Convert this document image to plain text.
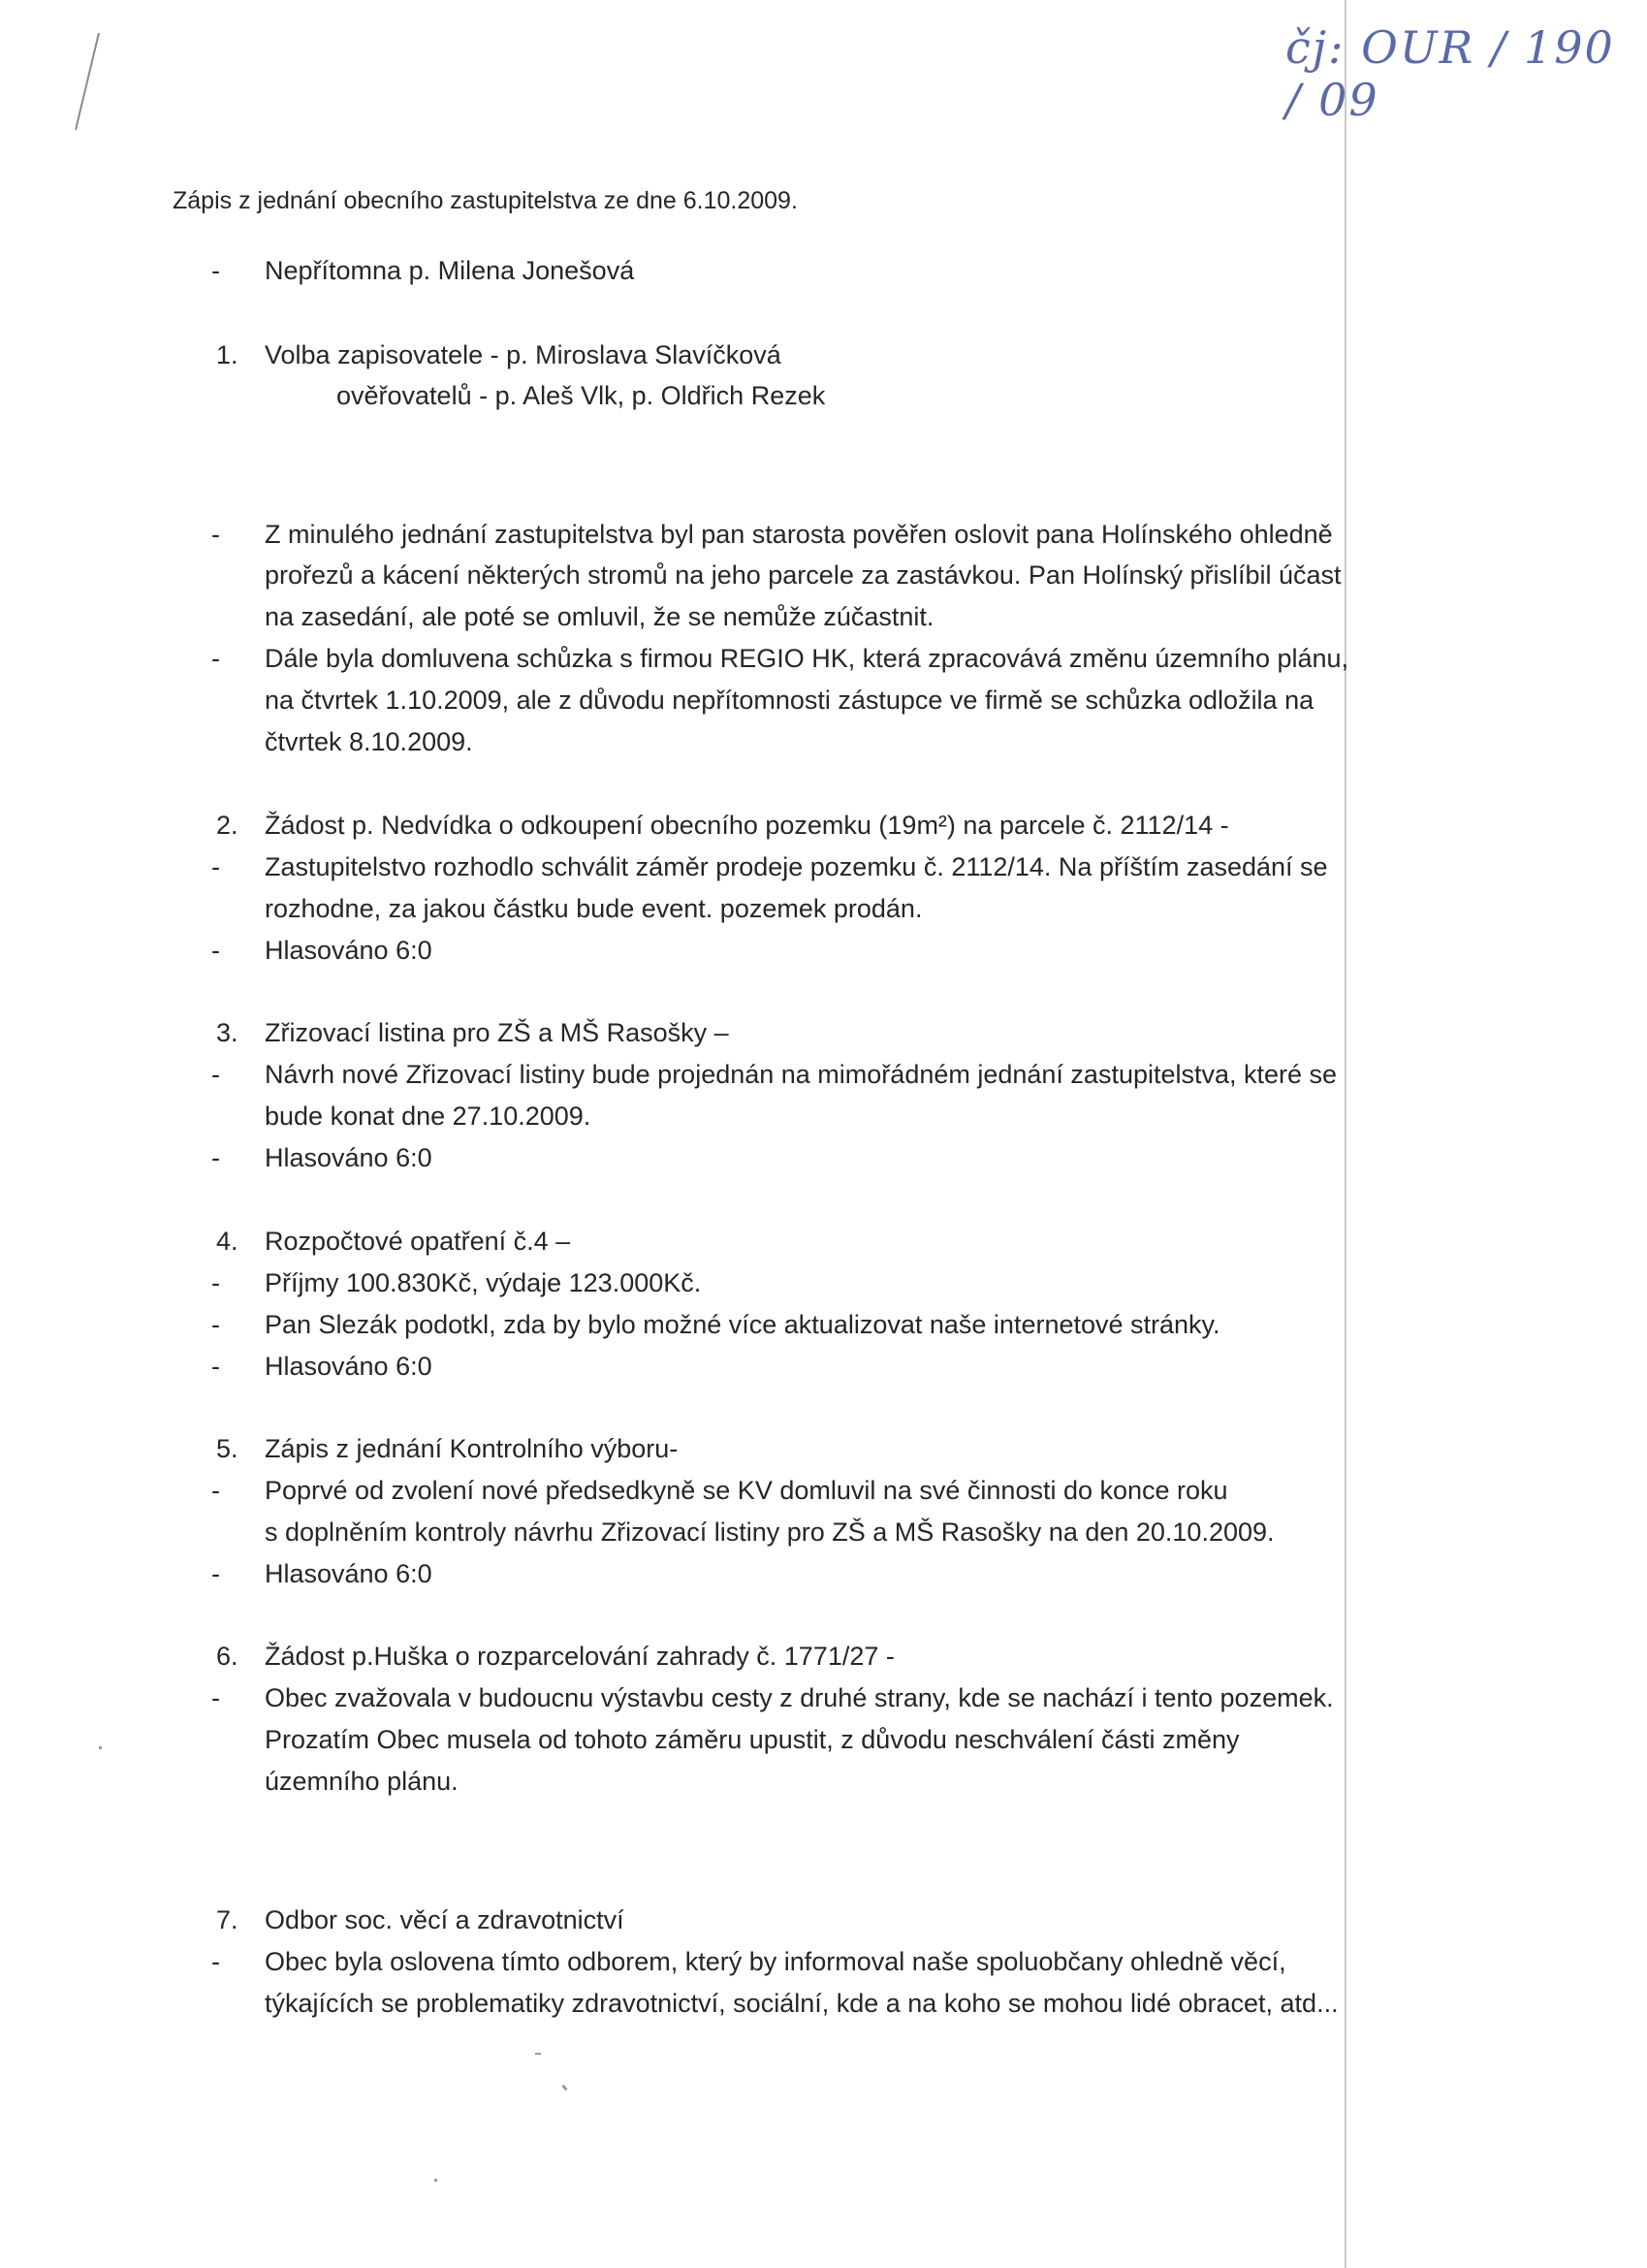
čj: OUR / 190 / 09
Zápis z jednání obecního zastupitelstva ze dne 6.10.2009.
-	Nepřítomna p. Milena Jonešová
1. Volba zapisovatele - p. Miroslava Slavíčková
ověřovatelů - p. Aleš Vlk, p. Oldřich Rezek
-	Z minulého jednání zastupitelstva byl pan starosta pověřen oslovit pana Holínského ohledně
prořezů a kácení některých stromů na jeho parcele za zastávkou. Pan Holínský přislíbil účast
na zasedání, ale poté se omluvil, že se nemůže zúčastnit.
-	Dále byla domluvena schůzka s firmou REGIO HK, která zpracovává změnu územního plánu,
na čtvrtek 1.10.2009, ale z důvodu nepřítomnosti zástupce ve firmě se schůzka odložila na
čtvrtek 8.10.2009.
2. Žádost p. Nedvídka o odkoupení obecního pozemku (19m²) na parcele č. 2112/14 -
-	Zastupitelstvo rozhodlo schválit záměr prodeje pozemku č. 2112/14. Na příštím zasedání se
rozhodne, za jakou částku bude event. pozemek prodán.
-	Hlasováno 6:0
3. Zřizovací listina pro ZŠ a MŠ Rasošky –
-	Návrh nové Zřizovací listiny bude projednán na mimořádném jednání zastupitelstva, které se
bude konat dne 27.10.2009.
-	Hlasováno 6:0
4. Rozpočtové opatření č.4 –
-	Příjmy 100.830Kč, výdaje 123.000Kč.
-	Pan Slezák podotkl, zda by bylo možné více aktualizovat naše internetové stránky.
-	Hlasováno 6:0
5. Zápis z jednání Kontrolního výboru-
-	Poprvé od zvolení nové předsedkyně se KV domluvil na své činnosti do konce roku
s doplněním kontroly návrhu Zřizovací listiny pro ZŠ a MŠ Rasošky na den 20.10.2009.
-	Hlasováno 6:0
6. Žádost p.Huška o rozparcelování zahrady č. 1771/27 -
-	Obec zvažovala v budoucnu výstavbu cesty z druhé strany, kde se nachází i tento pozemek.
Prozatím Obec musela od tohoto záměru upustit, z důvodu neschválení části změny
územního plánu.
7. Odbor soc. věcí a zdravotnictví
-	Obec byla oslovena tímto odborem, který by informoval naše spoluobčany ohledně věcí,
týkajících se problematiky zdravotnictví, sociální, kde a na koho se mohou lidé obracet, atd...
